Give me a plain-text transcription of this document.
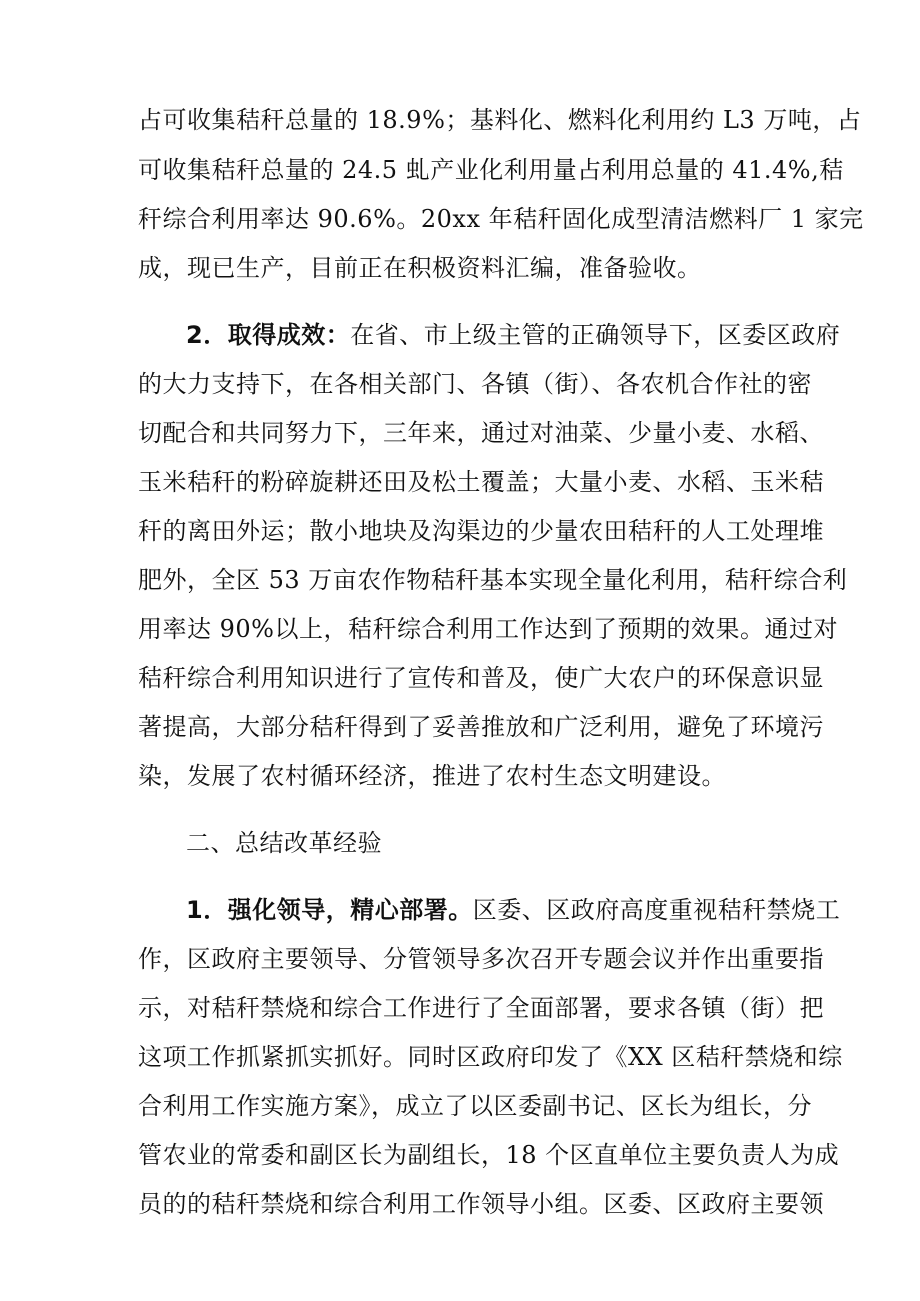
占可收集秸秆总量的 18.9%；基料化、燃料化利用约 L3 万吨，占
可收集秸秆总量的 24.5 虬产业化利用量占利用总量的 41.4%,秸
秆综合利用率达 90.6%。20xx 年秸秆固化成型清洁燃料厂 1 家完
成，现已生产，目前正在积极资料汇编，准备验收。
2．取得成效：在省、市上级主管的正确领导下，区委区政府
的大力支持下，在各相关部门、各镇（街）、各农机合作社的密
切配合和共同努力下，三年来，通过对油菜、少量小麦、水稻、
玉米秸秆的粉碎旋耕还田及松土覆盖；大量小麦、水稻、玉米秸
秆的离田外运；散小地块及沟渠边的少量农田秸秆的人工处理堆
肥外，全区 53 万亩农作物秸秆基本实现全量化利用，秸秆综合利
用率达 90%以上，秸秆综合利用工作达到了预期的效果。通过对
秸秆综合利用知识进行了宣传和普及，使广大农户的环保意识显
著提高，大部分秸秆得到了妥善推放和广泛利用，避免了环境污
染，发展了农村循环经济，推进了农村生态文明建设。
二、总结改革经验
1．强化领导，精心部署。区委、区政府高度重视秸秆禁烧工
作，区政府主要领导、分管领导多次召开专题会议并作出重要指
示，对秸秆禁烧和综合工作进行了全面部署，要求各镇（街）把
这项工作抓紧抓实抓好。同时区政府印发了《XX 区秸秆禁烧和综
合利用工作实施方案》，成立了以区委副书记、区长为组长，分
管农业的常委和副区长为副组长，18 个区直单位主要负责人为成
员的的秸秆禁烧和综合利用工作领导小组。区委、区政府主要领
